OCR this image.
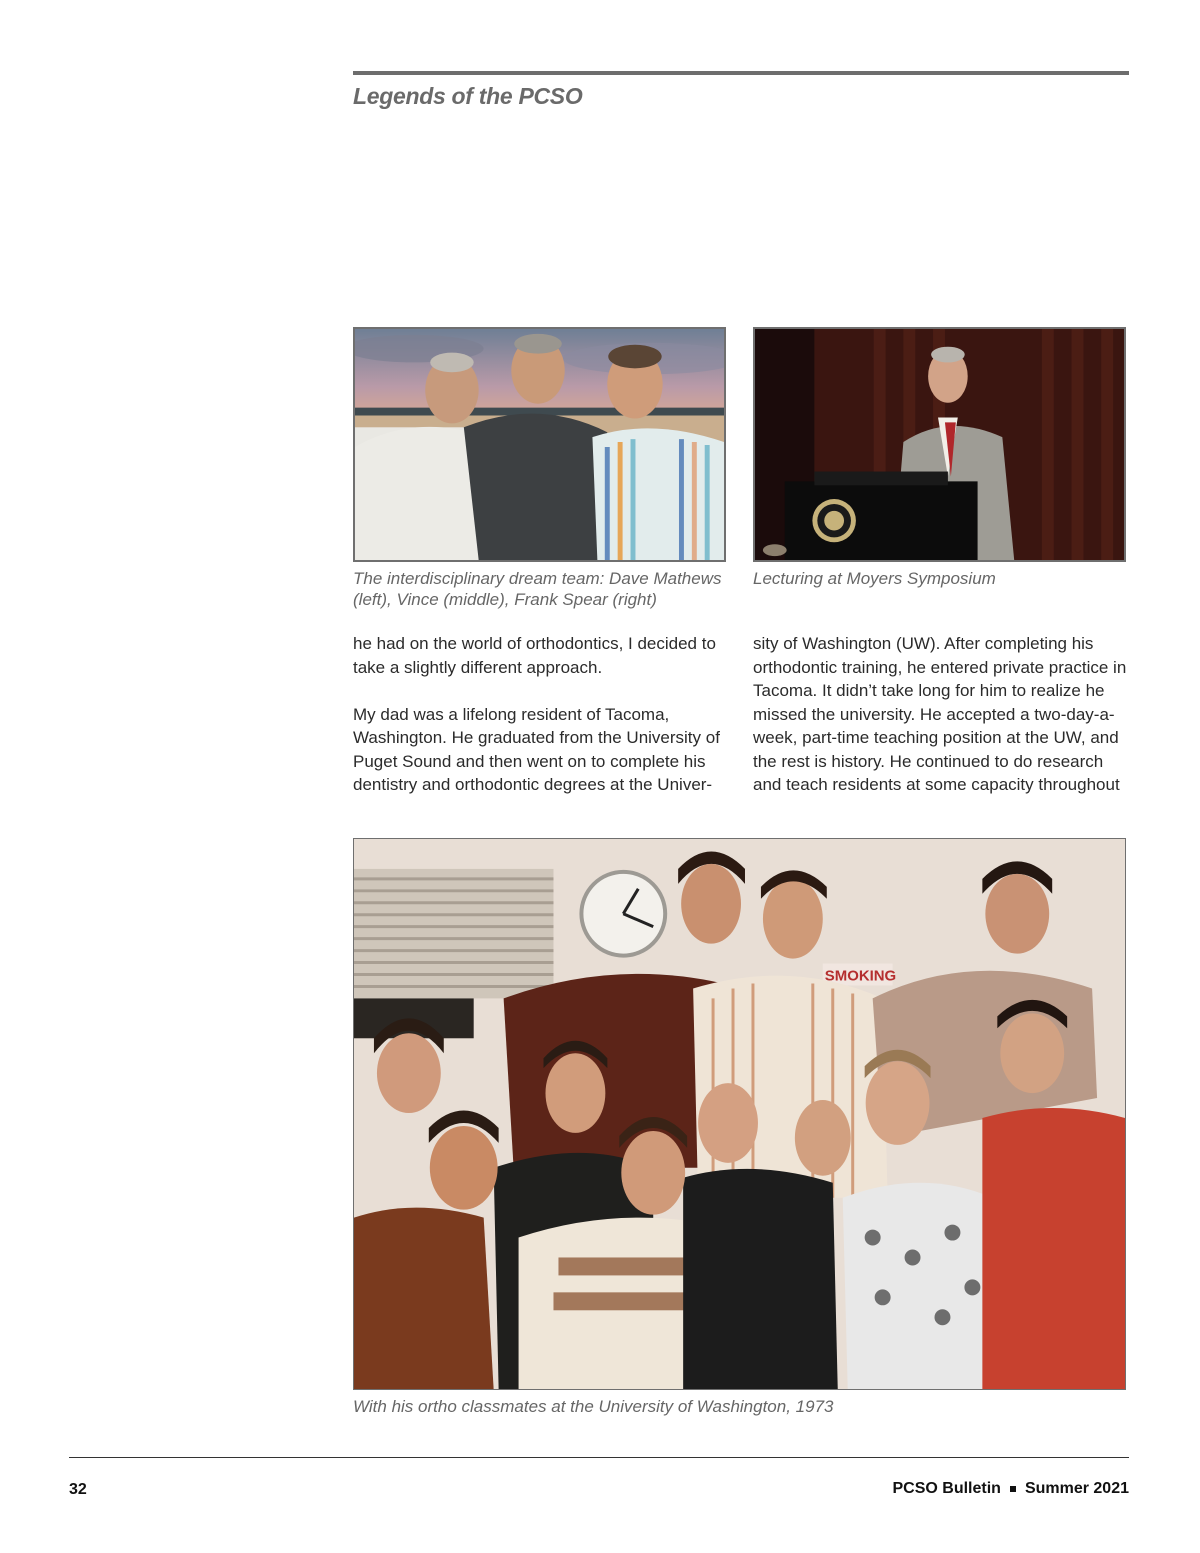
Legends of the PCSO
The interdisciplinary dream team: Dave Mathews (left), Vince (middle), Frank Spear (right)
Lecturing at Moyers Symposium

he had on the world of orthodontics, I decided to take a slightly different approach.

My dad was a lifelong resident of Tacoma, Washington. He graduated from the University of Puget Sound and then went on to complete his dentistry and orthodontic degrees at the Univer-

sity of Washington (UW). After completing his orthodontic training, he entered private practice in Tacoma. It didn’t take long for him to realize he missed the university. He accepted a two-day-a-week, part-time teaching position at the UW, and the rest is history. He continued to do research and teach residents at some capacity throughout

SMOKING
With his ortho classmates at the University of Washington, 1973
32	PCSO Bulletin Summer 2021
